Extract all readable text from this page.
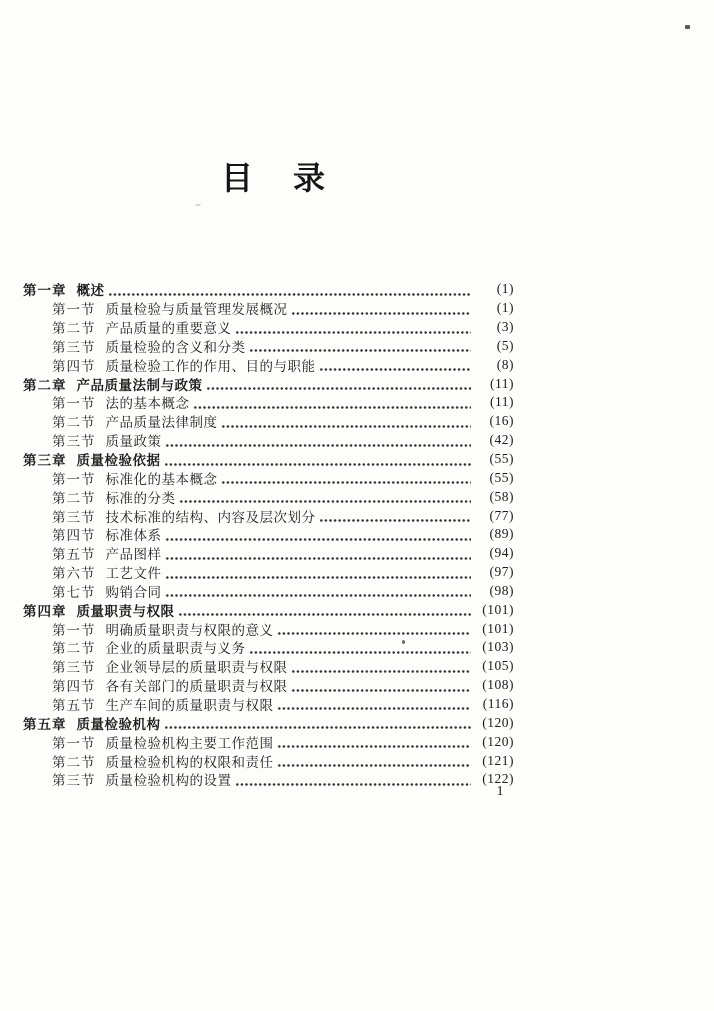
目录
第一章 概述	(1)
第一节 质量检验与质量管理发展概况	(1)
第二节 产品质量的重要意义	(3)
第三节 质量检验的含义和分类	(5)
第四节 质量检验工作的作用、目的与职能	(8)
第二章 产品质量法制与政策	(11)
第一节 法的基本概念	(11)
第二节 产品质量法律制度	(16)
第三节 质量政策	(42)
第三章 质量检验依据	(55)
第一节 标准化的基本概念	(55)
第二节 标准的分类	(58)
第三节 技术标准的结构、内容及层次划分	(77)
第四节 标准体系	(89)
第五节 产品图样	(94)
第六节 工艺文件	(97)
第七节 购销合同	(98)
第四章 质量职责与权限	(101)
第一节 明确质量职责与权限的意义	(101)
第二节 企业的质量职责与义务	(103)
第三节 企业领导层的质量职责与权限	(105)
第四节 各有关部门的质量职责与权限	(108)
第五节 生产车间的质量职责与权限	(116)
第五章 质量检验机构	(120)
第一节 质量检验机构主要工作范围	(120)
第二节 质量检验机构的权限和责任	(121)
第三节 质量检验机构的设置	(122)
1
